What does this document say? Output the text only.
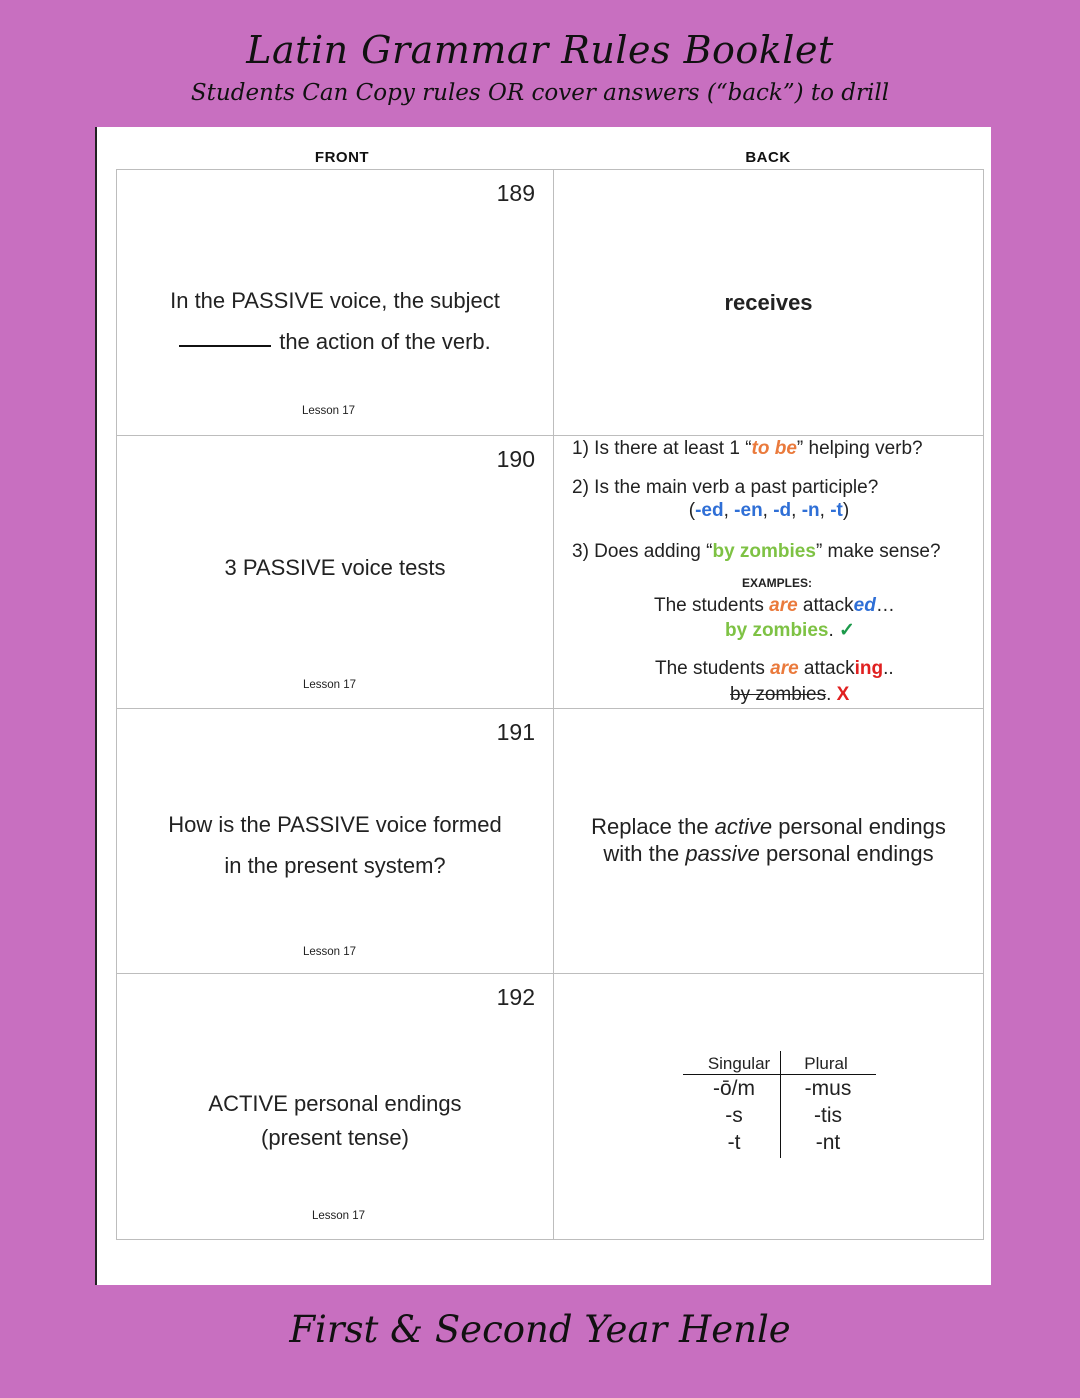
Latin Grammar Rules Booklet
Students Can Copy rules OR cover answers (“back”) to drill
FRONT	BACK
189
In the PASSIVE voice, the subject
the action of the verb.
Lesson 17
receives
190
3 PASSIVE voice tests
Lesson 17
1) Is there at least 1 “to be” helping verb?
2) Is the main verb a past participle?
(-ed, -en, -d, -n, -t)
3) Does adding “by zombies” make sense?
EXAMPLES:
The students are attacked…
by zombies. ✓
The students are attacking..
by zombies. X
191
How is the PASSIVE voice formed
in the present system?
Lesson 17
Replace the active personal endings
with the passive personal endings
192
ACTIVE personal endings
(present tense)
Lesson 17
Singular	Plural
-ō/m
-s
-t
-mus
-tis
-nt
First & Second Year Henle
